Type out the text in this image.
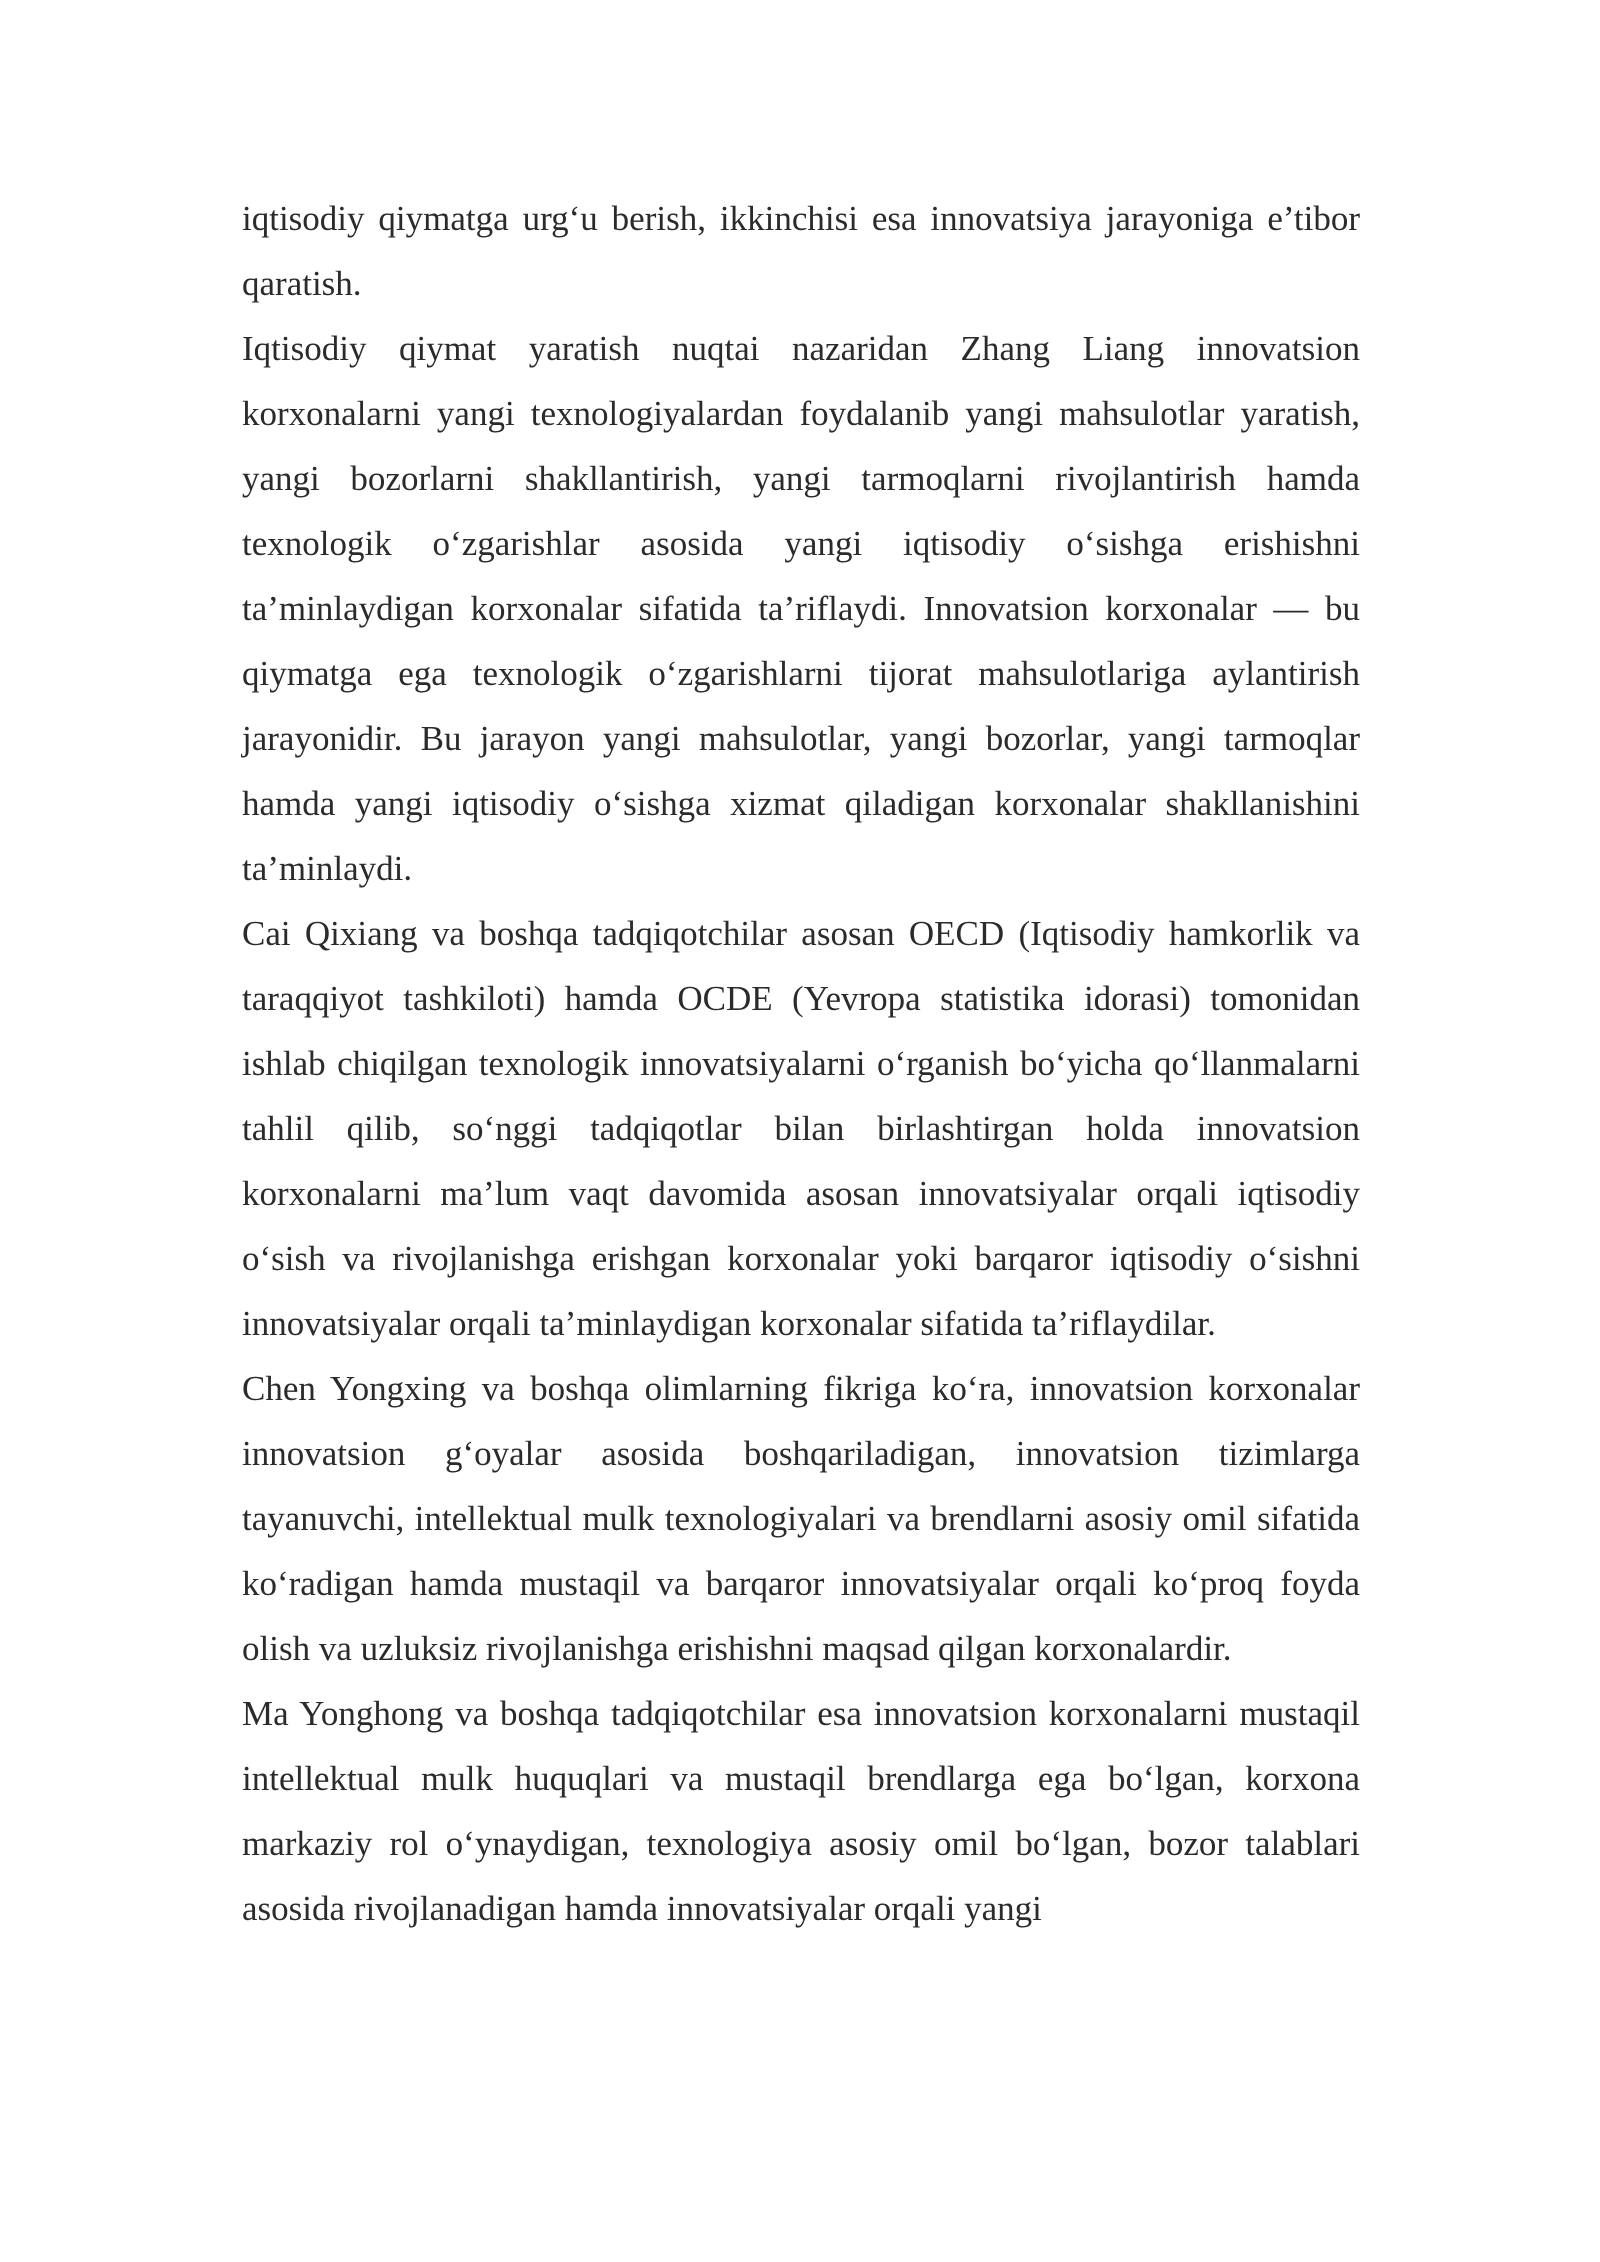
iqtisodiy qiymatga urg‘u berish, ikkinchisi esa innovatsiya jarayoniga e’tibor qaratish.

Iqtisodiy qiymat yaratish nuqtai nazaridan Zhang Liang innovatsion korxonalarni yangi texnologiyalardan foydalanib yangi mahsulotlar yaratish, yangi bozorlarni shakllantirish, yangi tarmoqlarni rivojlantirish hamda texnologik o‘zgarishlar asosida yangi iqtisodiy o‘sishga erishishni ta’minlaydigan korxonalar sifatida ta’riflaydi. Innovatsion korxonalar — bu qiymatga ega texnologik o‘zgarishlarni tijorat mahsulotlariga aylantirish jarayonidir. Bu jarayon yangi mahsulotlar, yangi bozorlar, yangi tarmoqlar hamda yangi iqtisodiy o‘sishga xizmat qiladigan korxonalar shakllanishini ta’minlaydi.

Cai Qixiang va boshqa tadqiqotchilar asosan OECD (Iqtisodiy hamkorlik va taraqqiyot tashkiloti) hamda OCDE (Yevropa statistika idorasi) tomonidan ishlab chiqilgan texnologik innovatsiyalarni o‘rganish bo‘yicha qo‘llanmalarni tahlil qilib, so‘nggi tadqiqotlar bilan birlashtirgan holda innovatsion korxonalarni ma’lum vaqt davomida asosan innovatsiyalar orqali iqtisodiy o‘sish va rivojlanishga erishgan korxonalar yoki barqaror iqtisodiy o‘sishni innovatsiyalar orqali ta’minlaydigan korxonalar sifatida ta’riflaydilar.

Chen Yongxing va boshqa olimlarning fikriga ko‘ra, innovatsion korxonalar innovatsion g‘oyalar asosida boshqariladigan, innovatsion tizimlarga tayanuvchi, intellektual mulk texnologiyalari va brendlarni asosiy omil sifatida ko‘radigan hamda mustaqil va barqaror innovatsiyalar orqali ko‘proq foyda olish va uzluksiz rivojlanishga erishishni maqsad qilgan korxonalardir.

Ma Yonghong va boshqa tadqiqotchilar esa innovatsion korxonalarni mustaqil intellektual mulk huquqlari va mustaqil brendlarga ega bo‘lgan, korxona markaziy rol o‘ynaydigan, texnologiya asosiy omil bo‘lgan, bozor talablari asosida rivojlanadigan hamda innovatsiyalar orqali yangi
